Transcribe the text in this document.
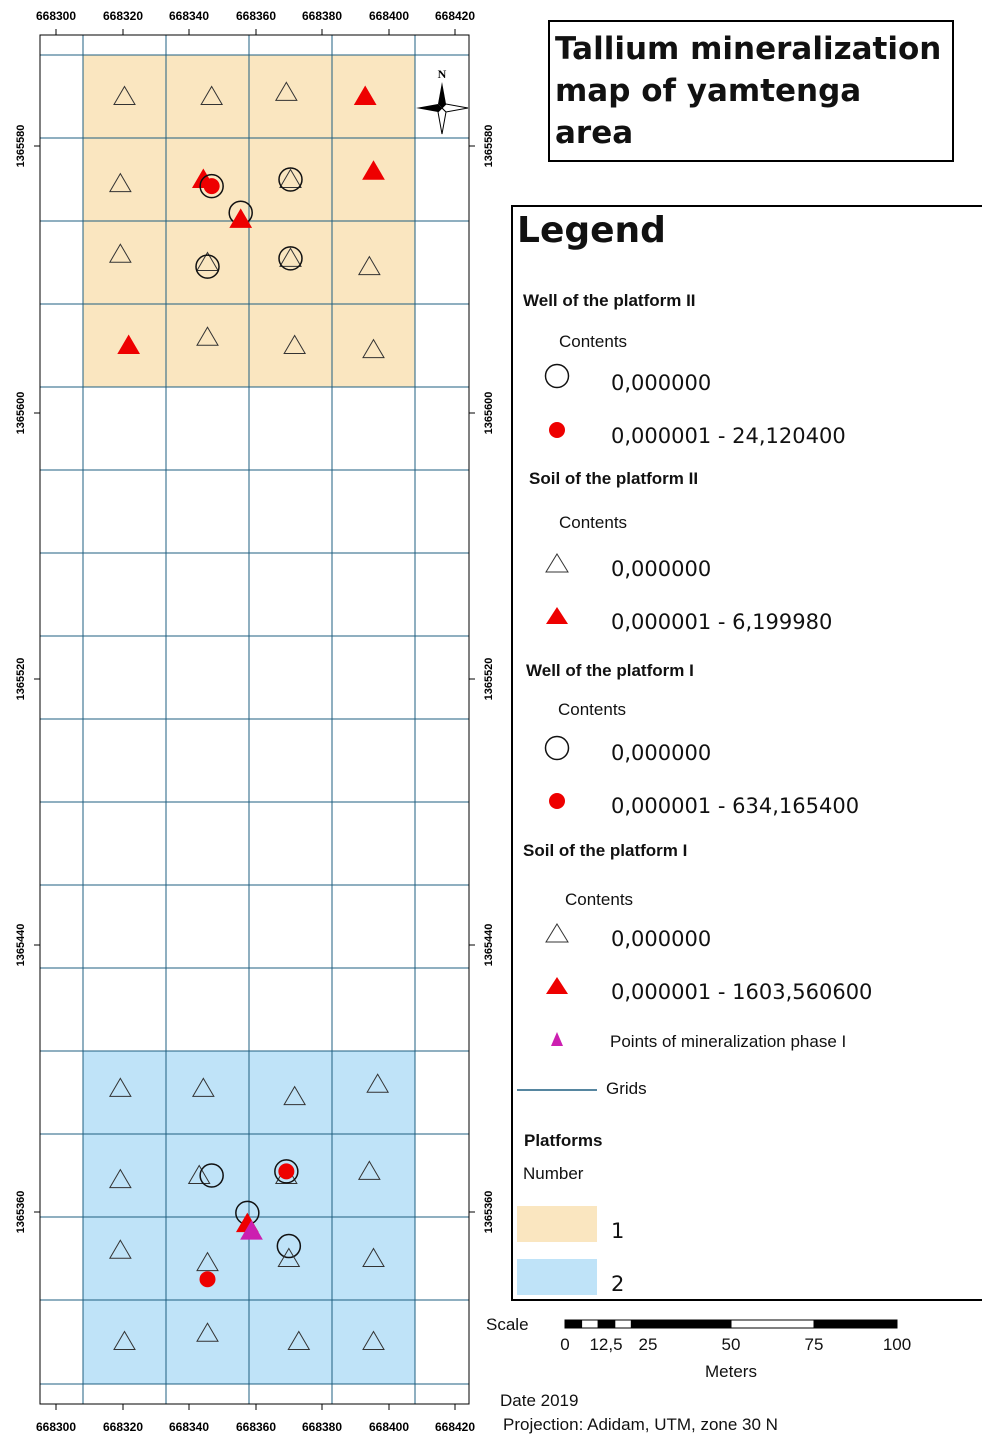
668300
668300
668320
668320
668340
668340
668360
668360
668380
668380
668400
668400
668420
668420
1365580	1365580
1365600	1365600
1365520	1365520
1365440	1365440
1365360	1365360
N
Tallium mineralization map of yamtenga area
Legend
Well of the platform II
Contents
0,000000
0,000001 - 24,120400
Soil of the platform II
Contents
0,000000
0,000001 - 6,199980
Well of the platform I
Contents
0,000000
0,000001 - 634,165400
Soil of the platform I
Contents
0,000000
0,000001 - 1603,560600
Points of mineralization phase I
Grids
Platforms
Number
1
2
Scale
0 12,5 25	50	75	100
Meters
Date 2019
Projection: Adidam, UTM, zone 30 N
